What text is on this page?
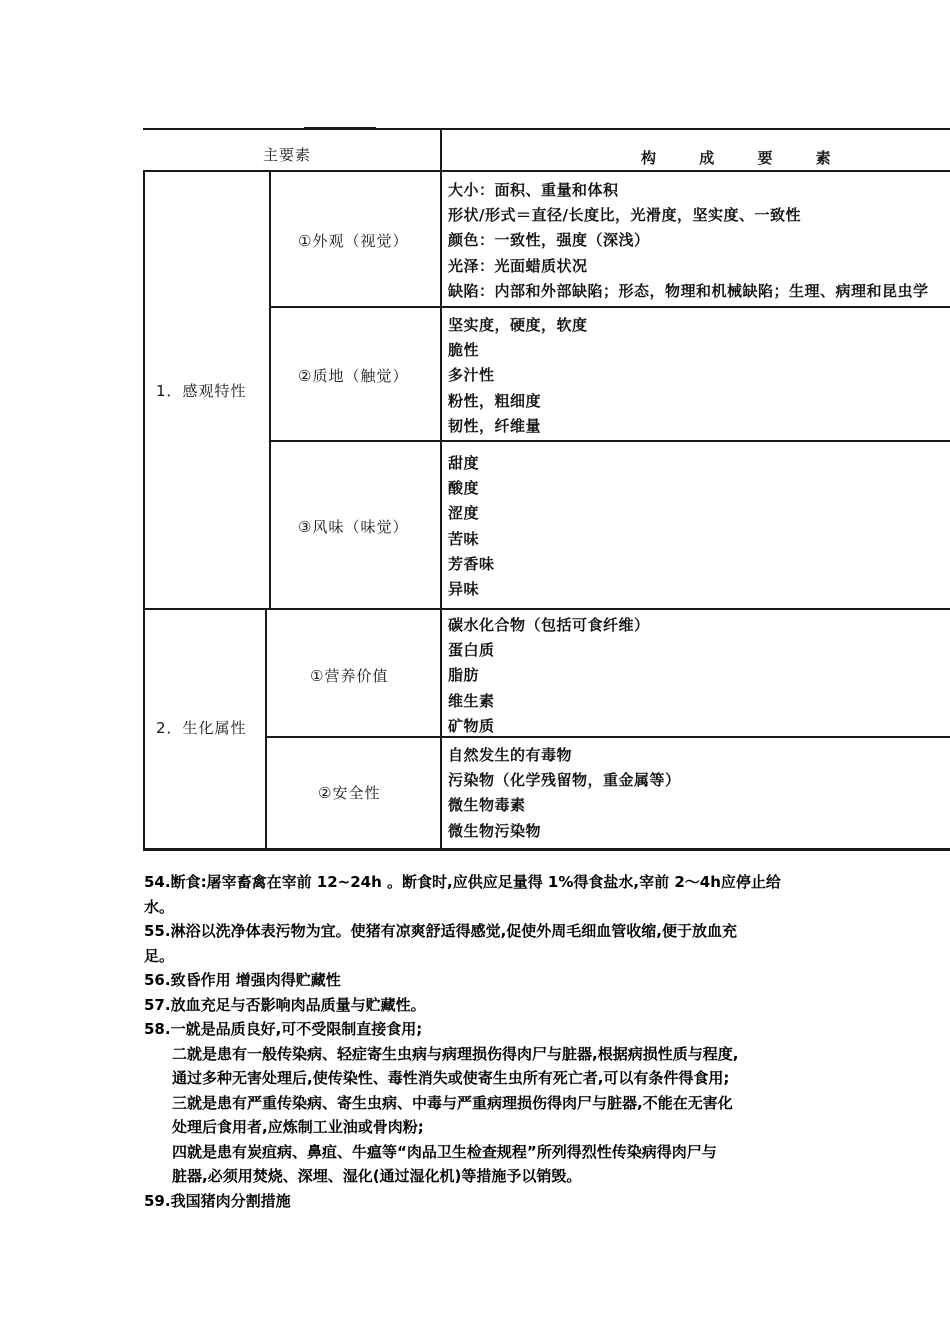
主要素	构 成 要 素
1．感观特性
2．生化属性
①外观（视觉）
②质地（触觉）
③风味（味觉）
①营养价值
②安全性
大小：面积、重量和体积
形状/形式＝直径/长度比，光滑度，坚实度、一致性
颜色：一致性，强度（深浅）
光泽：光面蜡质状况
缺陷：内部和外部缺陷；形态，物理和机械缺陷；生理、病理和昆虫学
坚实度，硬度，软度
脆性
多汁性
粉性，粗细度
韧性，纤维量
甜度
酸度
涩度
苦味
芳香味
异味
碳水化合物（包括可食纤维）
蛋白质
脂肪
维生素
矿物质
自然发生的有毒物
污染物（化学残留物，重金属等）
微生物毒素
微生物污染物

54.断食:屠宰畜禽在宰前 12~24h 。断食时,应供应足量得 1%得食盐水,宰前 2～4h应停止给

水。

55.淋浴以洗净体表污物为宜。使猪有凉爽舒适得感觉,促使外周毛细血管收缩,便于放血充

足。

56.致昏作用 增强肉得贮藏性

57.放血充足与否影响肉品质量与贮藏性。

58.一就是品质良好,可不受限制直接食用;

二就是患有一般传染病、轻症寄生虫病与病理损伤得肉尸与脏器,根据病损性质与程度,

通过多种无害处理后,使传染性、毒性消失或使寄生虫所有死亡者,可以有条件得食用;

三就是患有严重传染病、寄生虫病、中毒与严重病理损伤得肉尸与脏器,不能在无害化

处理后食用者,应炼制工业油或骨肉粉;

四就是患有炭疽病、鼻疽、牛瘟等“肉品卫生检查规程”所列得烈性传染病得肉尸与

脏器,必须用焚烧、深埋、湿化(通过湿化机)等措施予以销毁。

59.我国猪肉分割措施
